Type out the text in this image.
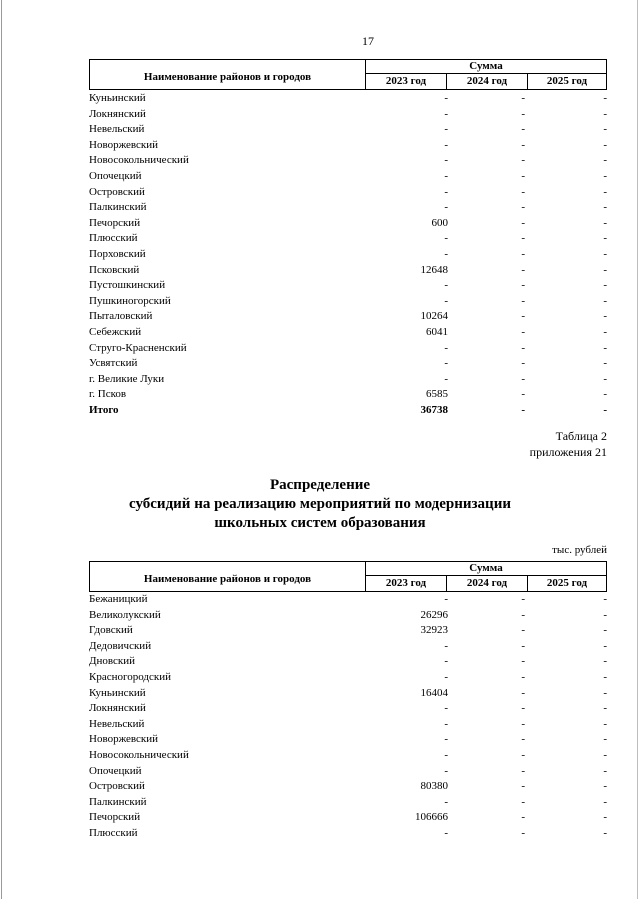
17
Наименование районов и городов
Сумма
2023 год	2024 год	2025 год
Куньинский	-	-	-
Локнянский	-	-	-
Невельский	-	-	-
Новоржевский	-	-	-
Новосокольнический	-	-	-
Опочецкий	-	-	-
Островский	-	-	-
Палкинский	-	-	-
Печорский	600	-	-
Плюсский	-	-	-
Порховский	-	-	-
Псковский	12648	-	-
Пустошкинский	-	-	-
Пушкиногорский	-	-	-
Пыталовский	10264	-	-
Себежский	6041	-	-
Струго-Красненский	-	-	-
Усвятский	-	-	-
г. Великие Луки	-	-	-
г. Псков	6585	-	-
Итого	36738	-	-
Таблица 2
приложения 21
Распределение
субсидий на реализацию мероприятий по модернизации
школьных систем образования
тыс. рублей
Наименование районов и городов
Сумма
2023 год	2024 год	2025 год
Бежаницкий	-	-	-
Великолукский	26296	-	-
Гдовский	32923	-	-
Дедовичский	-	-	-
Дновский	-	-	-
Красногородский	-	-	-
Куньинский	16404	-	-
Локнянский	-	-	-
Невельский	-	-	-
Новоржевский	-	-	-
Новосокольнический	-	-	-
Опочецкий	-	-	-
Островский	80380	-	-
Палкинский	-	-	-
Печорский	106666	-	-
Плюсский	-	-	-
